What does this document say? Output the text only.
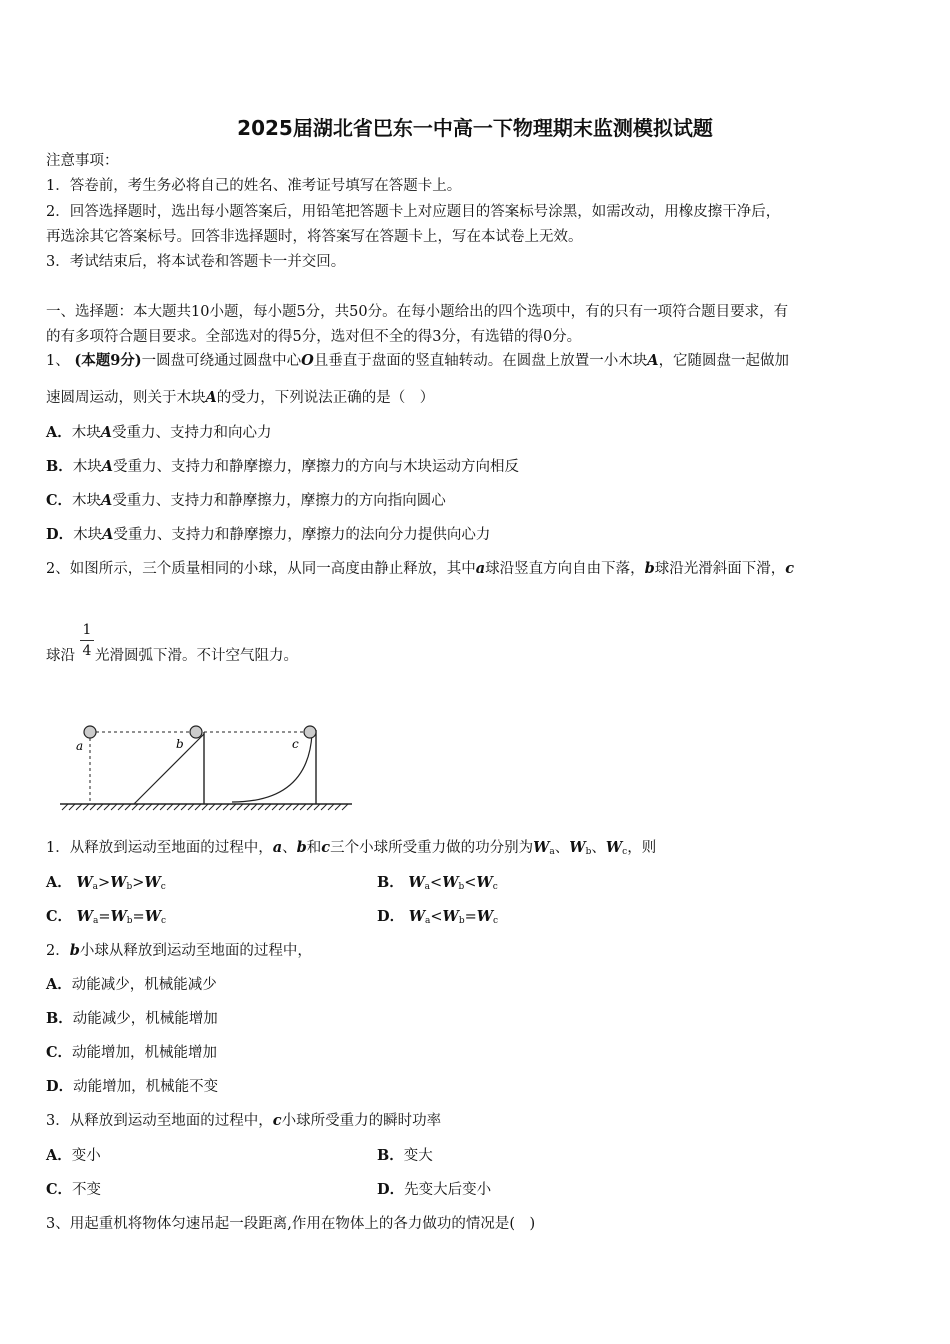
2025届湖北省巴东一中高一下物理期末监测模拟试题
注意事项：
1．答卷前，考生务必将自己的姓名、准考证号填写在答题卡上。
2．回答选择题时，选出每小题答案后，用铅笔把答题卡上对应题目的答案标号涂黑，如需改动，用橡皮擦干净后，
再选涂其它答案标号。回答非选择题时，将答案写在答题卡上，写在本试卷上无效。
3．考试结束后，将本试卷和答题卡一并交回。
一、选择题：本大题共10小题，每小题5分，共50分。在每小题给出的四个选项中，有的只有一项符合题目要求，有
的有多项符合题目要求。全部选对的得5分，选对但不全的得3分，有选错的得0分。
1、 (本题9分)一圆盘可绕通过圆盘中心O且垂直于盘面的竖直轴转动。在圆盘上放置一小木块A，它随圆盘一起做加
速圆周运动，则关于木块A的受力，下列说法正确的是（　）
A．木块A受重力、支持力和向心力
B．木块A受重力、支持力和静摩擦力，摩擦力的方向与木块运动方向相反
C．木块A受重力、支持力和静摩擦力，摩擦力的方向指向圆心
D．木块A受重力、支持力和静摩擦力，摩擦力的法向分力提供向心力
2、如图所示，三个质量相同的小球，从同一高度由静止释放，其中a球沿竖直方向自由下落，b球沿光滑斜面下滑，c
1
4
球沿 光滑圆弧下滑。不计空气阻力。
a	b	c
1．从释放到运动至地面的过程中，a、b和c三个小球所受重力做的功分别为$W_a$、$W_b$、$W_c$，则
A． $W_a>W_b>W_c$	B． $W_a<W_b<W_c$
C． $W_a=W_b=W_c$	D． $W_a<W_b=W_c$
2．b小球从释放到运动至地面的过程中，
A．动能减少，机械能减少
B．动能减少，机械能增加
C．动能增加，机械能增加
D．动能增加，机械能不变
3．从释放到运动至地面的过程中，c小球所受重力的瞬时功率
A．变小	B．变大
C．不变	D．先变大后变小
3、用起重机将物体匀速吊起一段距离,作用在物体上的各力做功的情况是(　)
